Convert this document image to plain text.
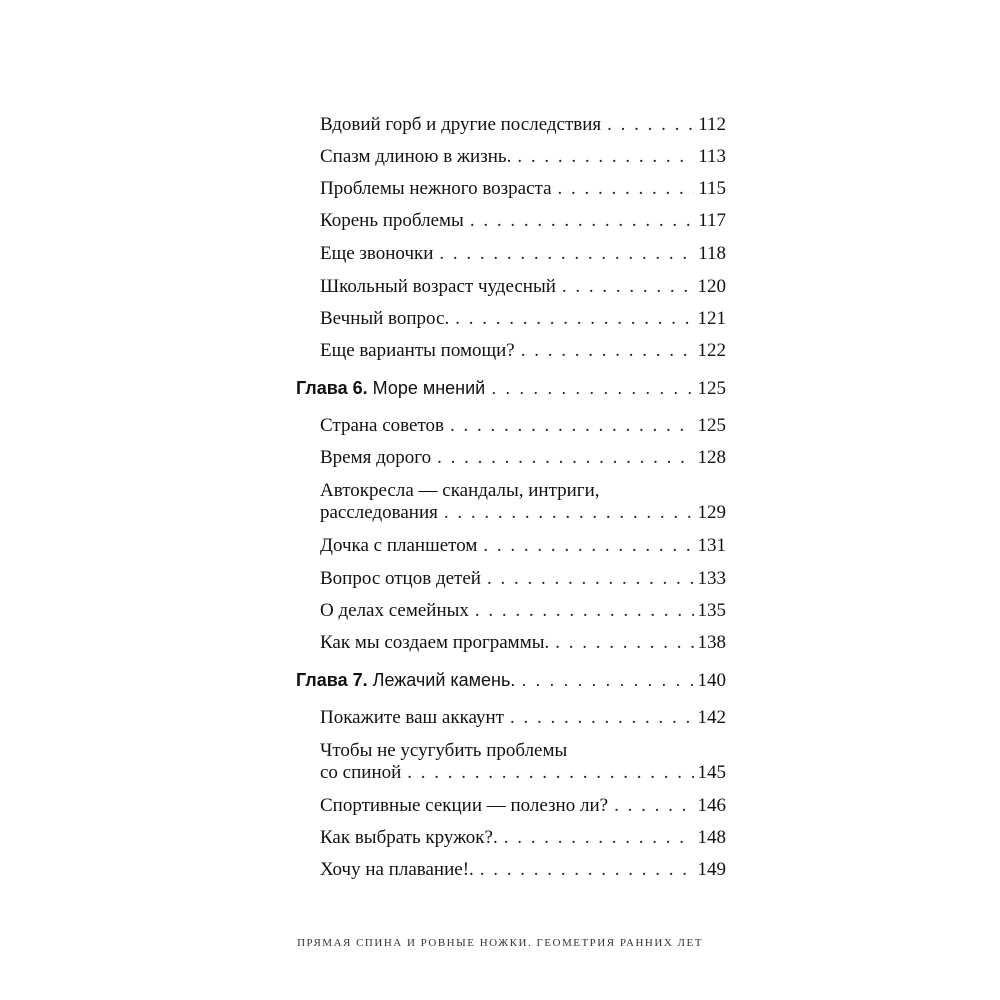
Вдовий горб и другие последствия . . .	112
Спазм длиною в жизнь. . . .	113
Проблемы нежного возраста . . .	115
Корень проблемы . . .	117
Еще звоночки . . .	118
Школьный возраст чудесный . . .	120
Вечный вопрос. . . .	121
Еще варианты помощи? . . .	122
Глава 6. Море мнений . . .	125
Страна советов . . .	125
Время дорого . . .	128
Автокресла — скандалы, интриги,
расследования . . .	129
Дочка с планшетом . . .	131
Вопрос отцов детей . . .	133
О делах семейных . . .	135
Как мы создаем программы. . . .	138
Глава 7. Лежачий камень. . . .	140
Покажите ваш аккаунт . . .	142
Чтобы не усугубить проблемы
со спиной . . .	145
Спортивные секции — полезно ли? . . .	146
Как выбрать кружок?. . . .	148
Хочу на плавание!. . . .	149
ПРЯМАЯ СПИНА И РОВНЫЕ НОЖКИ. ГЕОМЕТРИЯ РАННИХ ЛЕТ
